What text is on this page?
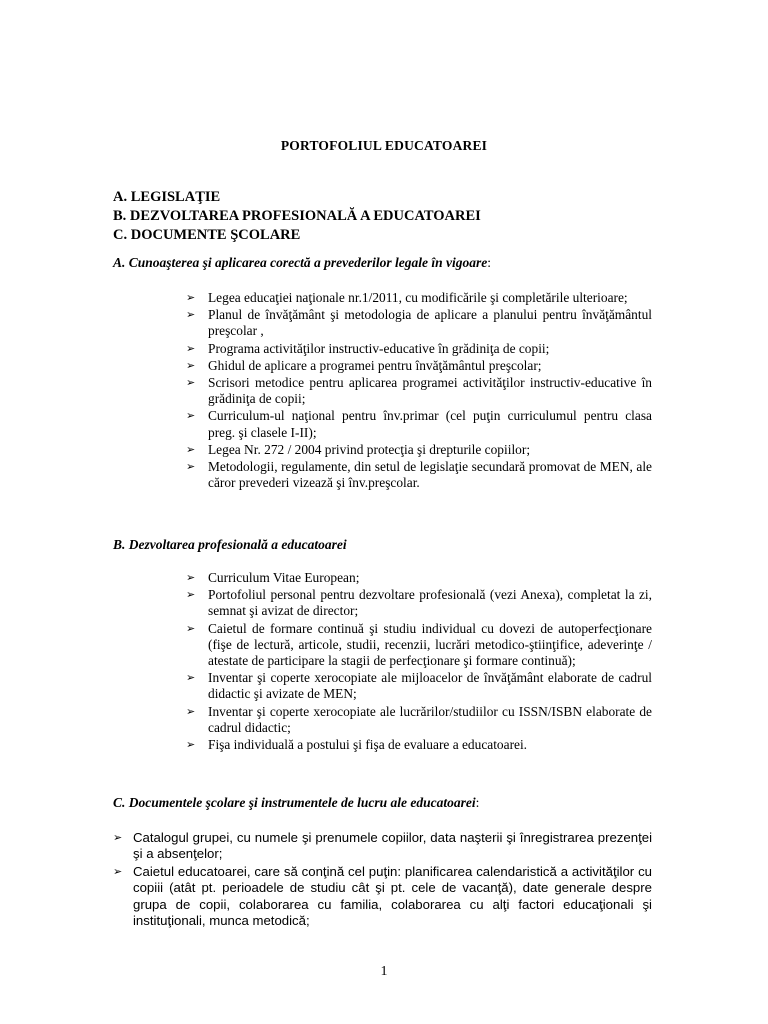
PORTOFOLIUL EDUCATOAREI
A. LEGISLAŢIE
B. DEZVOLTAREA PROFESIONALĂ A EDUCATOAREI
C. DOCUMENTE ŞCOLARE
A. Cunoaşterea şi aplicarea corectă a prevederilor legale în vigoare:
➢ Legea educaţiei naţionale nr.1/2011, cu modificările şi completările ulterioare;
➢ Planul de învăţământ şi metodologia de aplicare a planului pentru învăţământul preşcolar ,
➢ Programa activităţilor instructiv-educative în grădiniţa de copii;
➢ Ghidul de aplicare a programei pentru învăţământul preşcolar;
➢ Scrisori metodice pentru aplicarea programei activităţilor instructiv-educative în grădiniţa de copii;
➢ Curriculum-ul naţional pentru înv.primar (cel puţin curriculumul pentru clasa preg. şi clasele I-II);
➢ Legea Nr. 272 / 2004 privind protecţia şi drepturile copiilor;
➢ Metodologii, regulamente, din setul de legislaţie secundară promovat de MEN, ale căror prevederi vizează şi înv.preşcolar.
B. Dezvoltarea profesională a educatoarei
➢ Curriculum Vitae European;
➢ Portofoliul personal pentru dezvoltare profesională (vezi Anexa), completat la zi, semnat şi avizat de director;
➢ Caietul de formare continuă şi studiu individual cu dovezi de autoperfecţionare (fişe de lectură, articole, studii, recenzii, lucrări metodico-ştiinţifice, adeverinţe / atestate de participare la stagii de perfecţionare şi formare continuă);
➢ Inventar şi coperte xerocopiate ale mijloacelor de învăţământ elaborate de cadrul didactic şi avizate de MEN;
➢ Inventar şi coperte xerocopiate ale lucrărilor/studiilor cu ISSN/ISBN elaborate de cadrul didactic;
➢ Fişa individuală a postului şi fişa de evaluare a educatoarei.
C. Documentele şcolare şi instrumentele de lucru ale educatoarei:
➢ Catalogul grupei, cu numele şi prenumele copiilor, data naşterii şi înregistrarea prezenţei şi a absenţelor;
➢ Caietul educatoarei, care să conţină cel puţin: planificarea calendaristică a activităţilor cu copiii (atât pt. perioadele de studiu cât şi pt. cele de vacanţă), date generale despre grupa de copii, colaborarea cu familia, colaborarea cu alţi factori educaţionali şi instituţionali, munca metodică;
1
